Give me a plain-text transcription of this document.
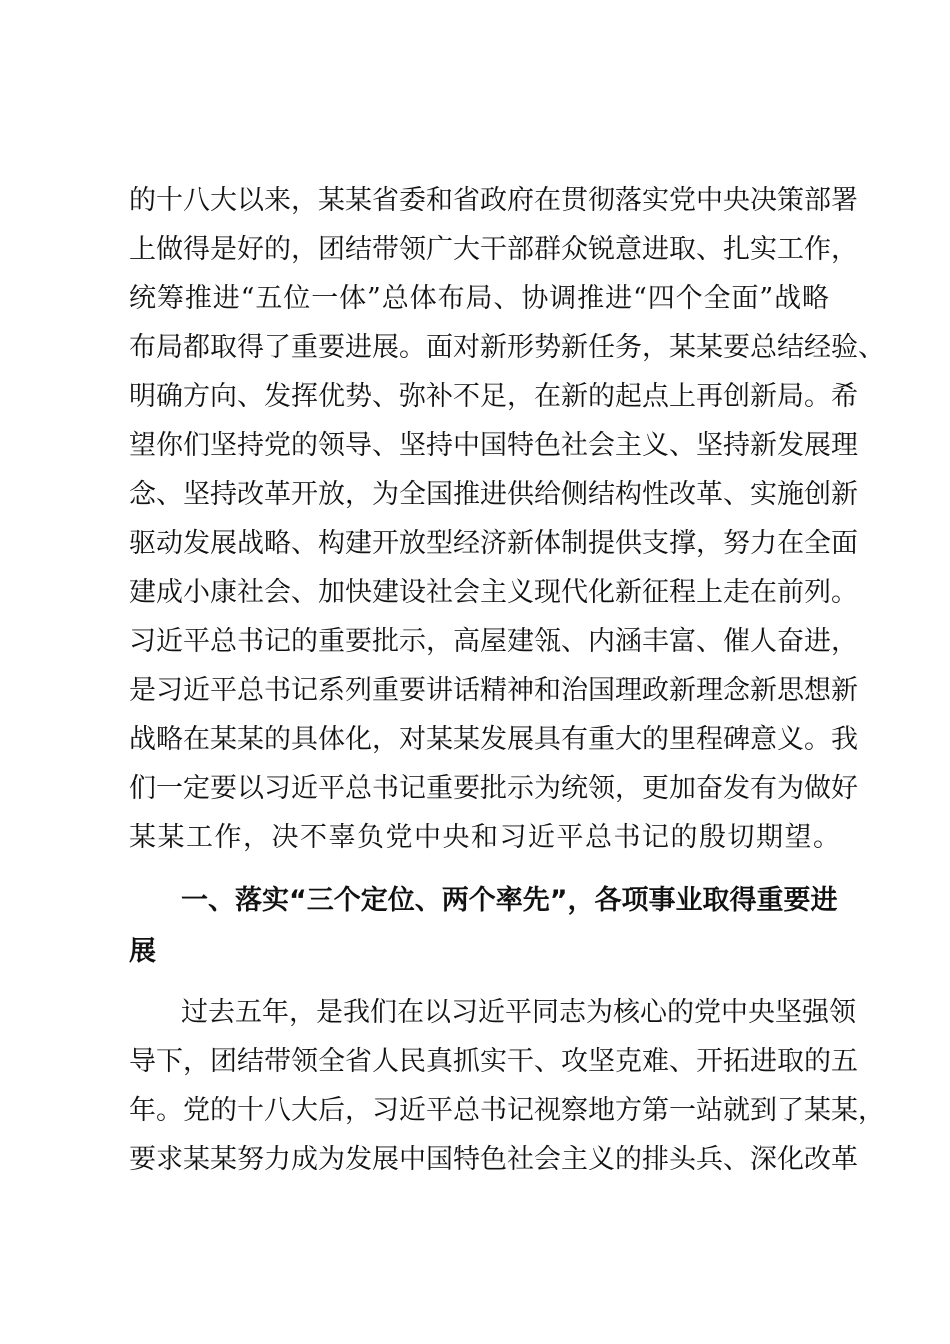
的十八大以来，某某省委和省政府在贯彻落实党中央决策部署
上做得是好的，团结带领广大干部群众锐意进取、扎实工作，
统筹推进“五位一体”总体布局、协调推进“四个全面”战略
布局都取得了重要进展。面对新形势新任务，某某要总结经验、
明确方向、发挥优势、弥补不足，在新的起点上再创新局。希
望你们坚持党的领导、坚持中国特色社会主义、坚持新发展理
念、坚持改革开放，为全国推进供给侧结构性改革、实施创新
驱动发展战略、构建开放型经济新体制提供支撑，努力在全面
建成小康社会、加快建设社会主义现代化新征程上走在前列。
习近平总书记的重要批示，高屋建瓴、内涵丰富、催人奋进，
是习近平总书记系列重要讲话精神和治国理政新理念新思想新
战略在某某的具体化，对某某发展具有重大的里程碑意义。我
们一定要以习近平总书记重要批示为统领，更加奋发有为做好
某某工作，决不辜负党中央和习近平总书记的殷切期望。
一、落实“三个定位、两个率先”，各项事业取得重要进
展
过去五年，是我们在以习近平同志为核心的党中央坚强领
导下，团结带领全省人民真抓实干、攻坚克难、开拓进取的五
年。党的十八大后，习近平总书记视察地方第一站就到了某某，
要求某某努力成为发展中国特色社会主义的排头兵、深化改革
